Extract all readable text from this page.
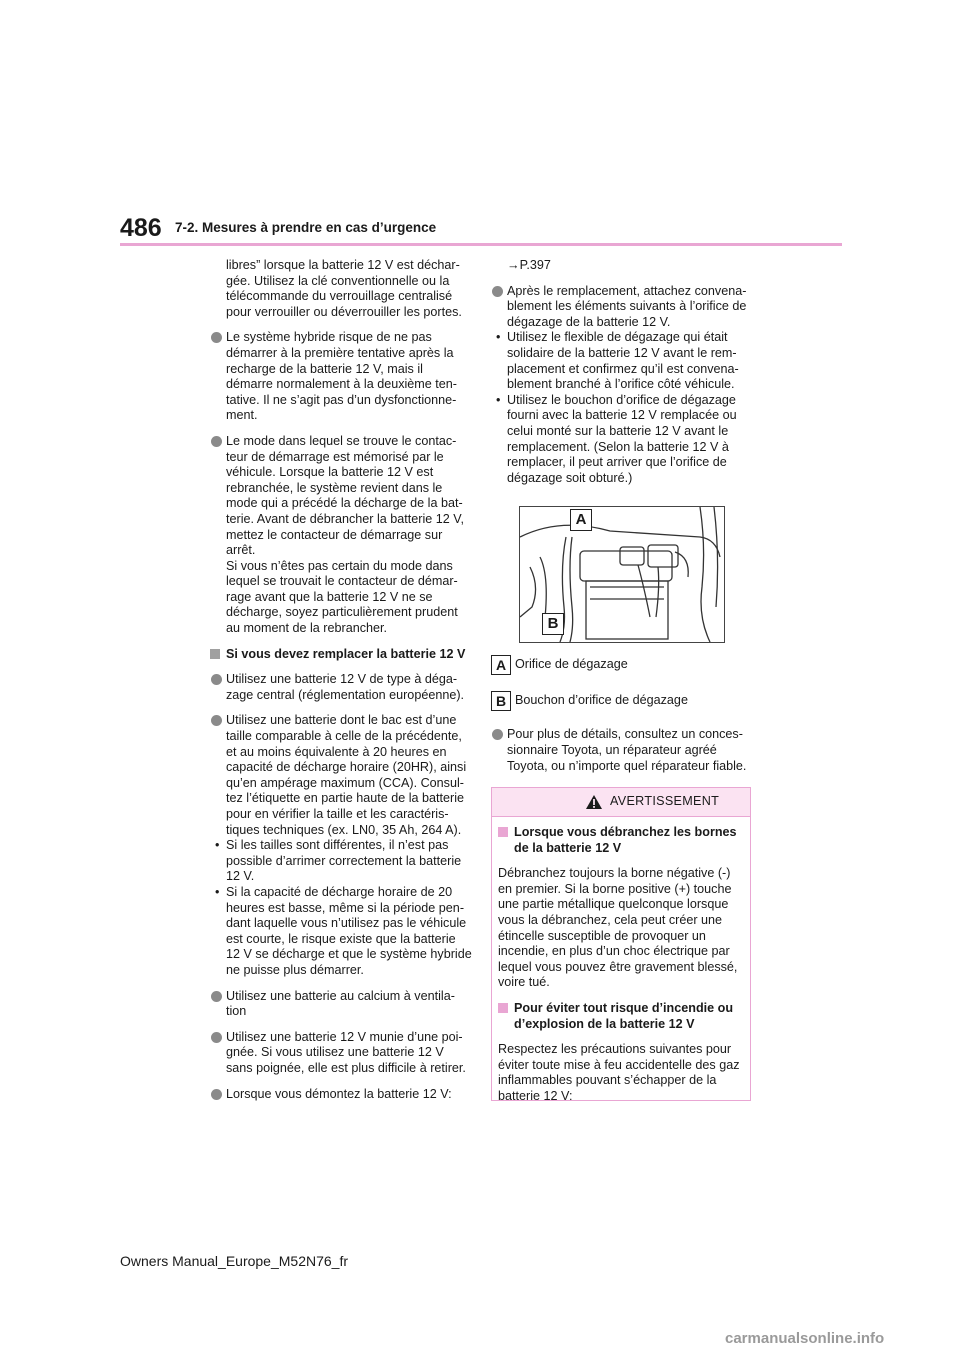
486 7-2. Mesures à prendre en cas d’urgence

libres” lorsque la batterie 12 V est déchar-gée. Utilisez la clé conventionnelle ou la télécommande du verrouillage centralisé pour verrouiller ou déverrouiller les portes.

Le système hybride risque de ne pas démarrer à la première tentative après la recharge de la batterie 12 V, mais il démarre normalement à la deuxième ten-tative. Il ne s’agit pas d’un dysfonctionne-ment.
Le mode dans lequel se trouve le contac-teur de démarrage est mémorisé par le véhicule. Lorsque la batterie 12 V est rebranchée, le système revient dans le mode qui a précédé la décharge de la bat-terie. Avant de débrancher la batterie 12 V, mettez le contacteur de démarrage sur arrêt.
Si vous n’êtes pas certain du mode dans lequel se trouvait le contacteur de démar-rage avant que la batterie 12 V ne se décharge, soyez particulièrement prudent au moment de la rebrancher.
Si vous devez remplacer la batterie 12 V
Utilisez une batterie 12 V de type à déga-zage central (réglementation européenne).
Utilisez une batterie dont le bac est d’une taille comparable à celle de la précédente, et au moins équivalente à 20 heures en capacité de décharge horaire (20HR), ainsi qu’en ampérage maximum (CCA). Consul-tez l’étiquette en partie haute de la batterie pour en vérifier la taille et les caractéris-tiques techniques (ex. LN0, 35 Ah, 264 A).
• Si les tailles sont différentes, il n’est pas possible d’arrimer correctement la batterie 12 V.
• Si la capacité de décharge horaire de 20 heures est basse, même si la période pen-dant laquelle vous n’utilisez pas le véhicule est courte, le risque existe que la batterie 12 V se décharge et que le système hybride ne puisse plus démarrer.
Utilisez une batterie au calcium à ventila-tion
Utilisez une batterie 12 V munie d’une poi-gnée. Si vous utilisez une batterie 12 V sans poignée, elle est plus difficile à retirer.
Lorsque vous démontez la batterie 12 V:

→P.397

Après le remplacement, attachez convena-blement les éléments suivants à l’orifice de dégazage de la batterie 12 V.
• Utilisez le flexible de dégazage qui était solidaire de la batterie 12 V avant le rem-placement et confirmez qu’il est convena-blement branché à l’orifice côté véhicule.
• Utilisez le bouchon d’orifice de dégazage fourni avec la batterie 12 V remplacée ou celui monté sur la batterie 12 V avant le remplacement. (Selon la batterie 12 V à remplacer, il peut arriver que l’orifice de dégazage soit obturé.)
A
B
A Orifice de dégazage
B Bouchon d’orifice de dégazage
Pour plus de détails, consultez un conces-sionnaire Toyota, un réparateur agréé Toyota, ou n’importe quel réparateur fiable.
AVERTISSEMENT
Lorsque vous débranchez les bornes de la batterie 12 V

Débranchez toujours la borne négative (-) en premier. Si la borne positive (+) touche une partie métallique quelconque lorsque vous la débranchez, cela peut créer une étincelle susceptible de provoquer un incendie, en plus d’un choc électrique par lequel vous pouvez être gravement blessé, voire tué.

Pour éviter tout risque d’incendie ou d’explosion de la batterie 12 V

Respectez les précautions suivantes pour éviter toute mise à feu accidentelle des gaz inflammables pouvant s’échapper de la batterie 12 V:

Owners Manual_Europe_M52N76_fr
carmanualsonline.info
